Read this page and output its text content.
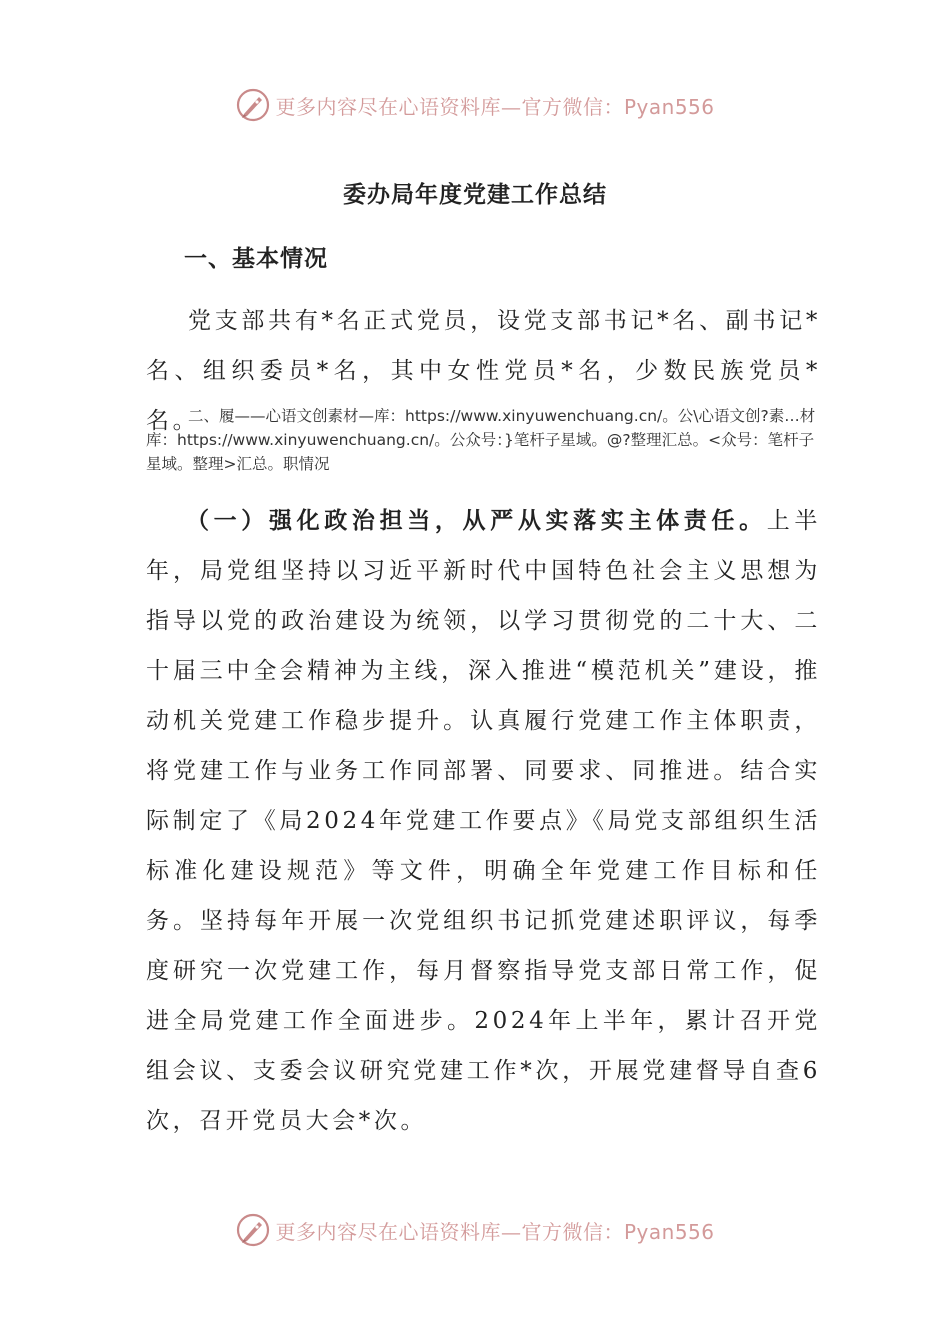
更多内容尽在心语资料库—官方微信：Pyan556
委办局年度党建工作总结
一、基本情况

党支部共有*名正式党员，设党支部书记*名、副书记*名、组织委员*名，其中女性党员*名，少数民族党员*名。

二、履——心语文创素材—库：https://www.xinyuwenchuang.cn/。公\心语文创?素…材库：https://www.xinyuwenchuang.cn/。公众号：}笔杆子星域。@?整理汇总。<众号：笔杆子星域。整理>汇总。职情况

（一）强化政治担当，从严从实落实主体责任。上半年，局党组坚持以习近平新时代中国特色社会主义思想为指导以党的政治建设为统领，以学习贯彻党的二十大、二十届三中全会精神为主线，深入推进“模范机关”建设，推动机关党建工作稳步提升。认真履行党建工作主体职责，将党建工作与业务工作同部署、同要求、同推进。结合实际制定了《局2024年党建工作要点》《局党支部组织生活标准化建设规范》等文件，明确全年党建工作目标和任务。坚持每年开展一次党组织书记抓党建述职评议，每季度研究一次党建工作，每月督察指导党支部日常工作，促进全局党建工作全面进步。2024年上半年，累计召开党组会议、支委会议研究党建工作*次，开展党建督导自查6次，召开党员大会*次。

更多内容尽在心语资料库—官方微信：Pyan556
